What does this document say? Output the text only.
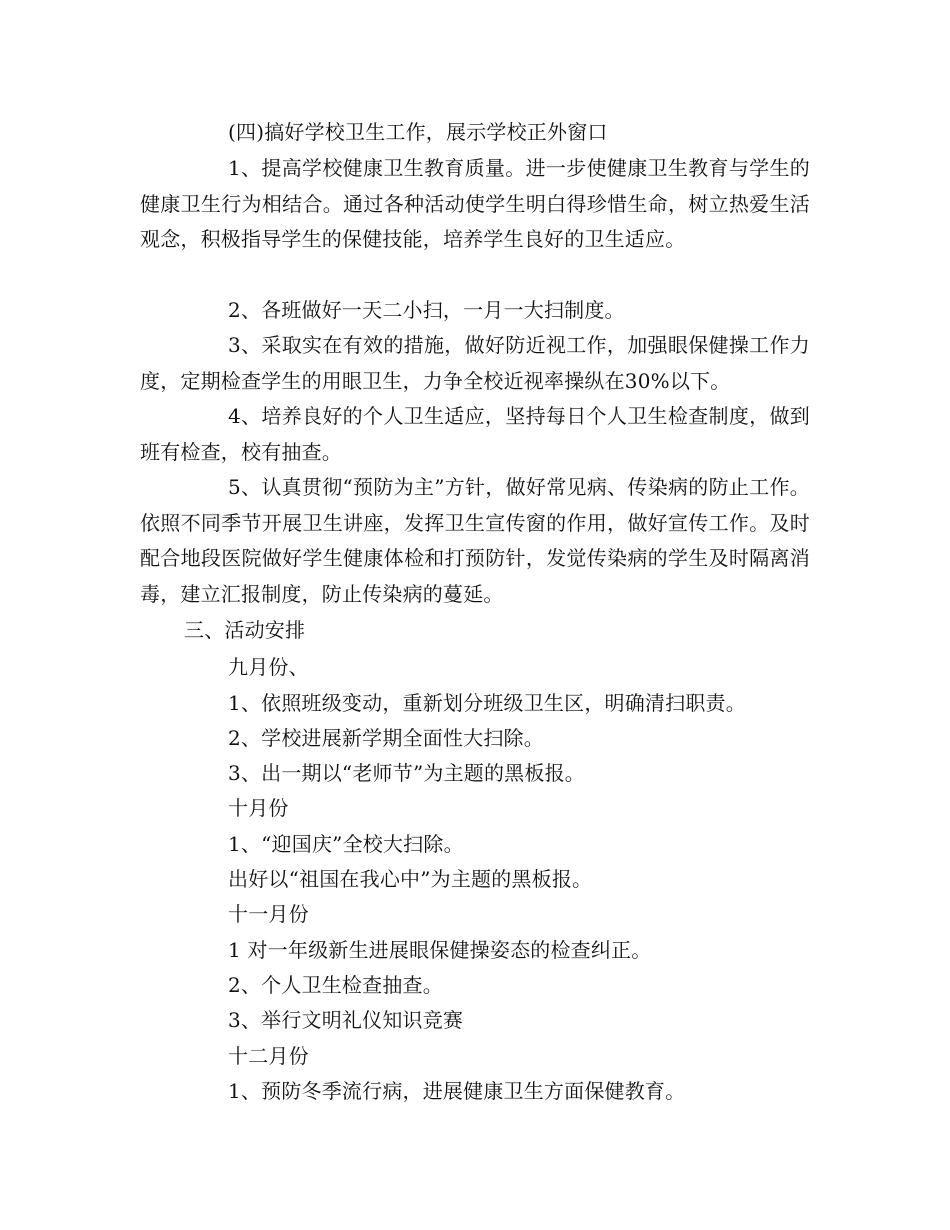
(四)搞好学校卫生工作，展示学校正外窗口

1、提高学校健康卫生教育质量。进一步使健康卫生教育与学生的健康卫生行为相结合。通过各种活动使学生明白得珍惜生命，树立热爱生活观念，积极指导学生的保健技能，培养学生良好的卫生适应。

2、各班做好一天二小扫，一月一大扫制度。

3、采取实在有效的措施，做好防近视工作，加强眼保健操工作力度，定期检查学生的用眼卫生，力争全校近视率操纵在30%以下。

4、培养良好的个人卫生适应，坚持每日个人卫生检查制度，做到班有检查，校有抽查。

5、认真贯彻“预防为主”方针，做好常见病、传染病的防止工作。依照不同季节开展卫生讲座，发挥卫生宣传窗的作用，做好宣传工作。及时配合地段医院做好学生健康体检和打预防针，发觉传染病的学生及时隔离消毒，建立汇报制度，防止传染病的蔓延。

三、活动安排

九月份、

1、依照班级变动，重新划分班级卫生区，明确清扫职责。

2、学校进展新学期全面性大扫除。

3、出一期以“老师节”为主题的黑板报。

十月份

1、“迎国庆”全校大扫除。

出好以“祖国在我心中”为主题的黑板报。

十一月份

1 对一年级新生进展眼保健操姿态的检查纠正。

2、个人卫生检查抽查。

3、举行文明礼仪知识竞赛

十二月份

1、预防冬季流行病，进展健康卫生方面保健教育。
